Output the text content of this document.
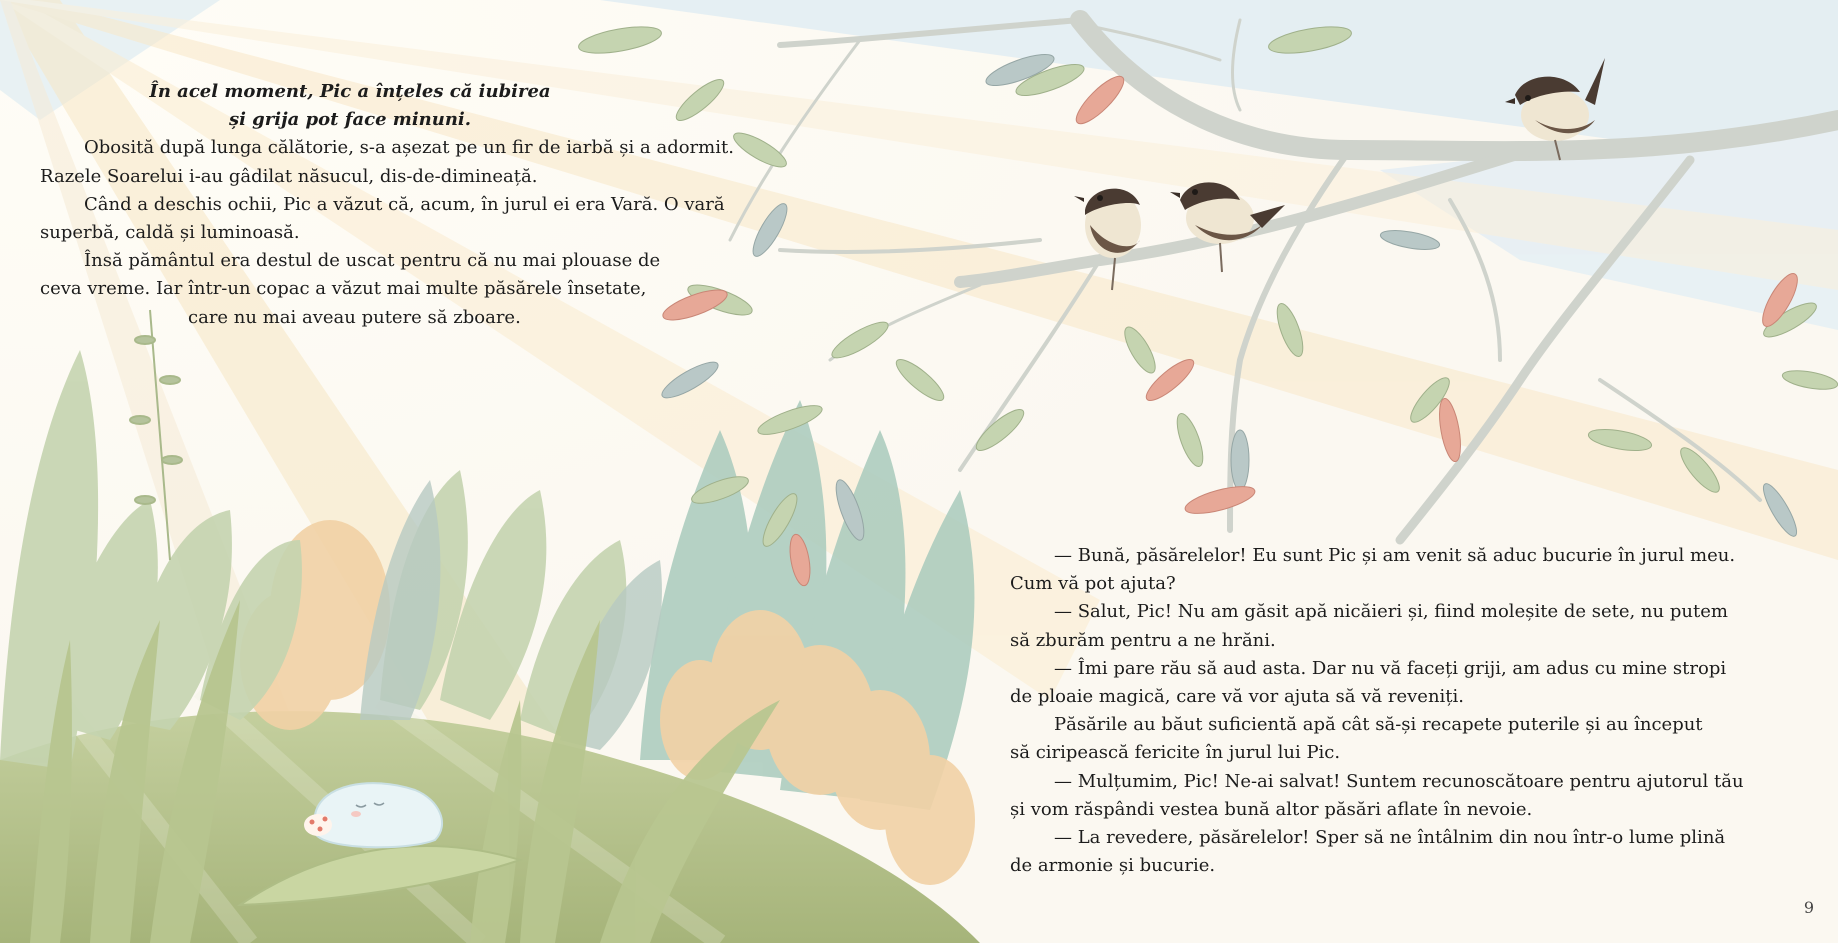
În acel moment, Pic a înțeles că iubirea

și grija pot face minuni.

Obosită după lunga călătorie, s-a așezat pe un fir de iarbă și a adormit.

Razele Soarelui i-au gâdilat năsucul, dis-de-dimineață.

Când a deschis ochii, Pic a văzut că, acum, în jurul ei era Vară. O vară

superbă, caldă și luminoasă.

Însă pământul era destul de uscat pentru că nu mai plouase de

ceva vreme. Iar într-un copac a văzut mai multe păsărele însetate,

care nu mai aveau putere să zboare.

— Bună, păsărelelor! Eu sunt Pic și am venit să aduc bucurie în jurul meu.

Cum vă pot ajuta?

— Salut, Pic! Nu am găsit apă nicăieri și, fiind moleșite de sete, nu putem

să zburăm pentru a ne hrăni.

— Îmi pare rău să aud asta. Dar nu vă faceți griji, am adus cu mine stropi

de ploaie magică, care vă vor ajuta să vă reveniți.

Păsările au băut suficientă apă cât să-și recapete puterile și au început

să ciripească fericite în jurul lui Pic.

— Mulțumim, Pic! Ne-ai salvat! Suntem recunoscătoare pentru ajutorul tău

și vom răspândi vestea bună altor păsări aflate în nevoie.

— La revedere, păsărelelor! Sper să ne întâlnim din nou într-o lume plină

de armonie și bucurie.

9
